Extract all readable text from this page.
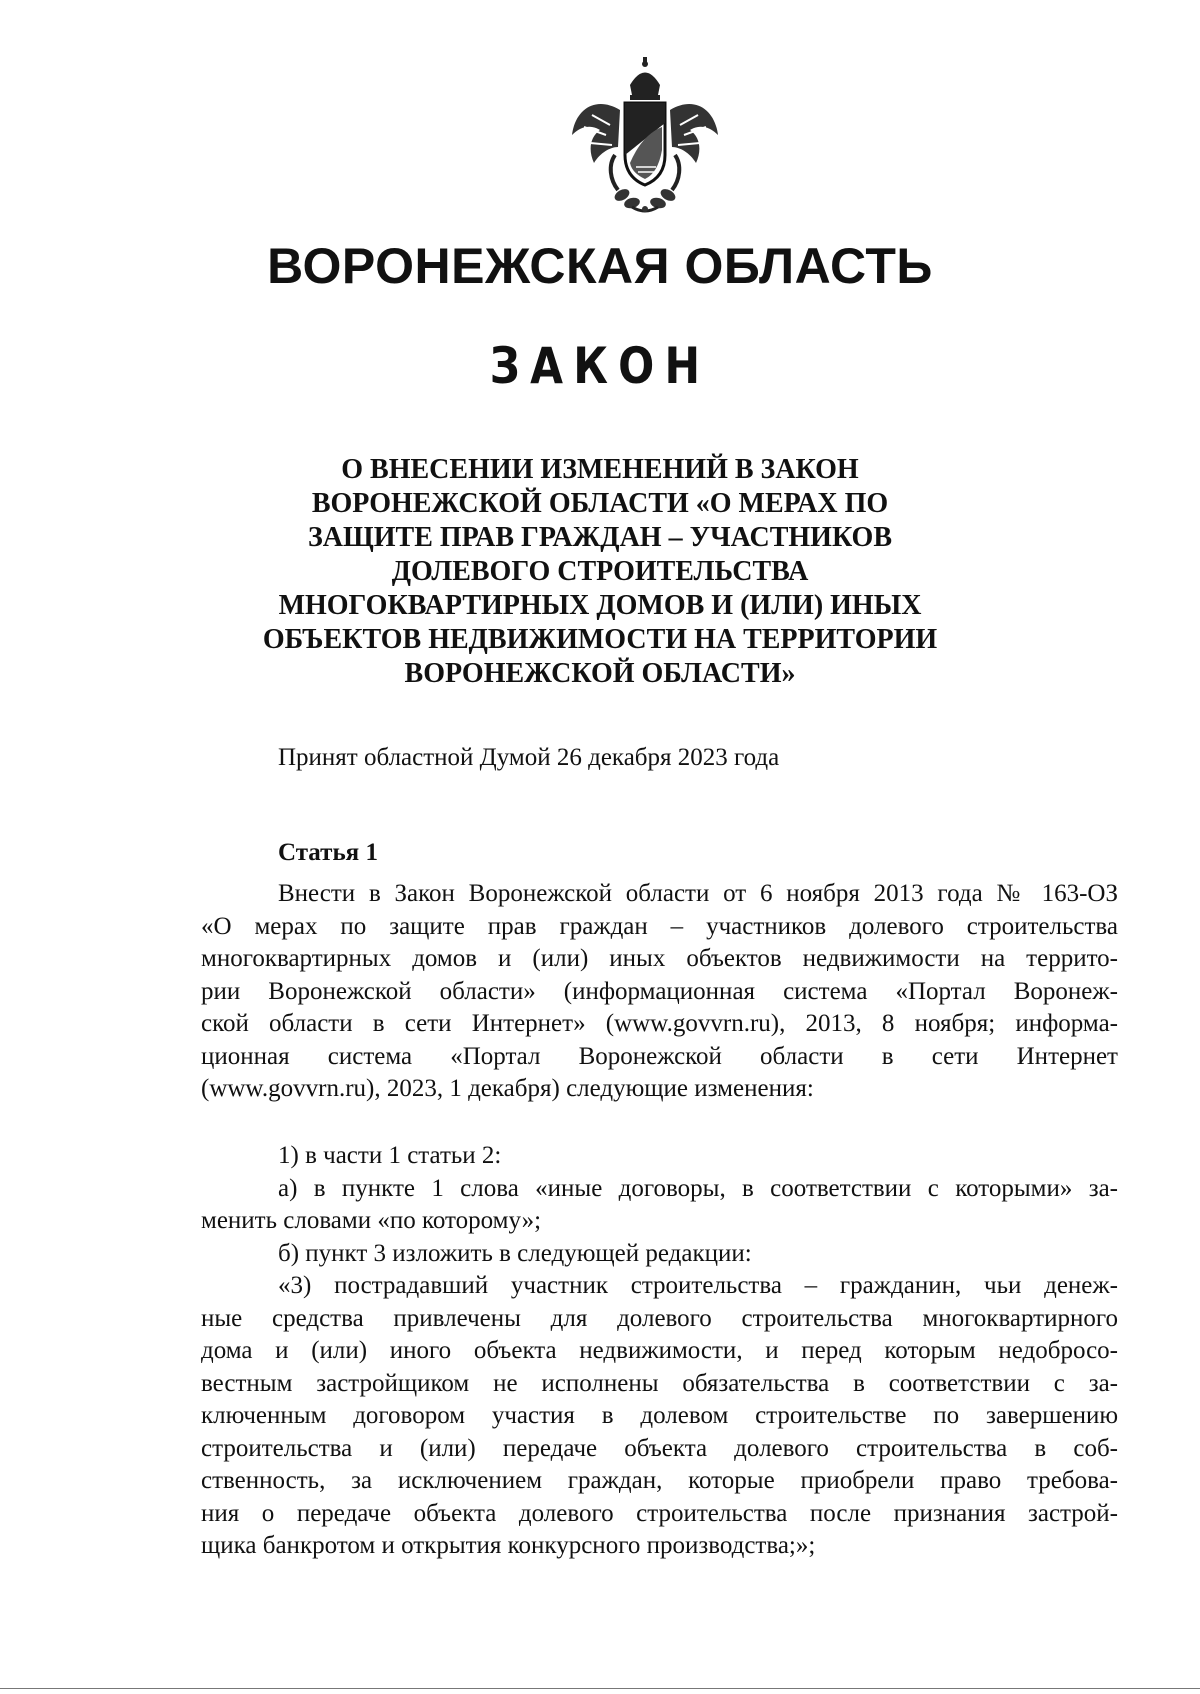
ВОРОНЕЖСКАЯ ОБЛАСТЬ
ЗАКОН
О ВНЕСЕНИИ ИЗМЕНЕНИЙ В ЗАКОН
ВОРОНЕЖСКОЙ ОБЛАСТИ «О МЕРАХ ПО
ЗАЩИТЕ ПРАВ ГРАЖДАН – УЧАСТНИКОВ
ДОЛЕВОГО СТРОИТЕЛЬСТВА
МНОГОКВАРТИРНЫХ ДОМОВ И (ИЛИ) ИНЫХ
ОБЪЕКТОВ НЕДВИЖИМОСТИ НА ТЕРРИТОРИИ
ВОРОНЕЖСКОЙ ОБЛАСТИ»
Принят областной Думой 26 декабря 2023 года
Статья 1
Внести в Закон Воронежской области от 6 ноября 2013 года № 163-ОЗ
«О мерах по защите прав граждан – участников долевого строительства
многоквартирных домов и (или) иных объектов недвижимости на террито-
рии Воронежской области» (информационная система «Портал Воронеж-
ской области в сети Интернет» (www.govvrn.ru), 2013, 8 ноября; информа-
ционная система «Портал Воронежской области в сети Интернет
(www.govvrn.ru), 2023, 1 декабря) следующие изменения:
1) в части 1 статьи 2:
а) в пункте 1 слова «иные договоры, в соответствии с которыми» за-
менить словами «по которому»;
б) пункт 3 изложить в следующей редакции:
«3) пострадавший участник строительства – гражданин, чьи денеж-
ные средства привлечены для долевого строительства многоквартирного
дома и (или) иного объекта недвижимости, и перед которым недобросо-
вестным застройщиком не исполнены обязательства в соответствии с за-
ключенным договором участия в долевом строительстве по завершению
строительства и (или) передаче объекта долевого строительства в соб-
ственность, за исключением граждан, которые приобрели право требова-
ния о передаче объекта долевого строительства после признания застрой-
щика банкротом и открытия конкурсного производства;»;
